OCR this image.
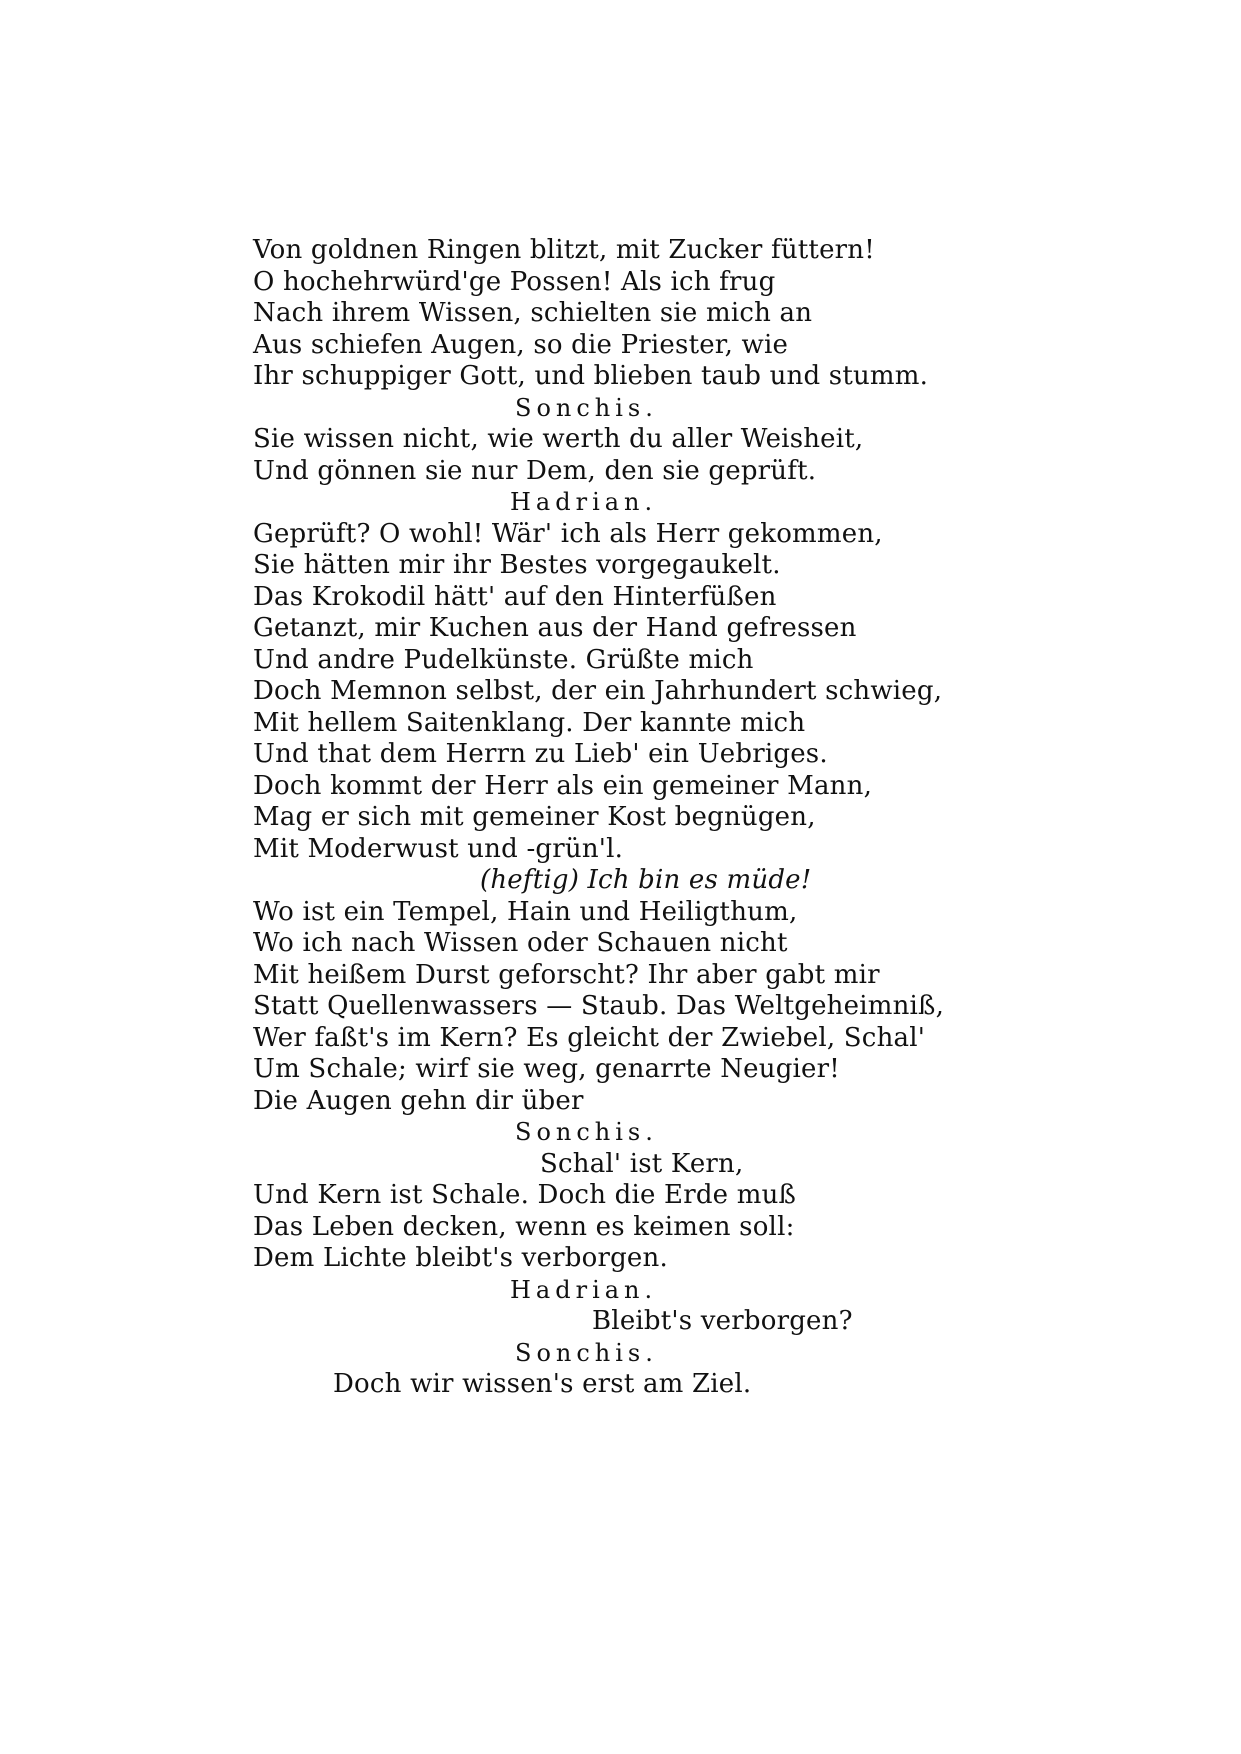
Von goldnen Ringen blitzt, mit Zucker füttern!
O hochehrwürd'ge Possen! Als ich frug
Nach ihrem Wissen, schielten sie mich an
Aus schiefen Augen, so die Priester, wie
Ihr schuppiger Gott, und blieben taub und stumm.
Sonchis.
Sie wissen nicht, wie werth du aller Weisheit,
Und gönnen sie nur Dem, den sie geprüft.
Hadrian.
Geprüft? O wohl! Wär' ich als Herr gekommen,
Sie hätten mir ihr Bestes vorgegaukelt.
Das Krokodil hätt' auf den Hinterfüßen
Getanzt, mir Kuchen aus der Hand gefressen
Und andre Pudelkünste. Grüßte mich
Doch Memnon selbst, der ein Jahrhundert schwieg,
Mit hellem Saitenklang. Der kannte mich
Und that dem Herrn zu Lieb' ein Uebriges.
Doch kommt der Herr als ein gemeiner Mann,
Mag er sich mit gemeiner Kost begnügen,
Mit Moderwust und -grün'l.
(heftig) Ich bin es müde!
Wo ist ein Tempel, Hain und Heiligthum,
Wo ich nach Wissen oder Schauen nicht
Mit heißem Durst geforscht? Ihr aber gabt mir
Statt Quellenwassers — Staub. Das Weltgeheimniß,
Wer faßt's im Kern? Es gleicht der Zwiebel, Schal'
Um Schale; wirf sie weg, genarrte Neugier!
Die Augen gehn dir über
Sonchis.
Schal' ist Kern,
Und Kern ist Schale. Doch die Erde muß
Das Leben decken, wenn es keimen soll:
Dem Lichte bleibt's verborgen.
Hadrian.
Bleibt's verborgen?
Sonchis.
Doch wir wissen's erst am Ziel.
